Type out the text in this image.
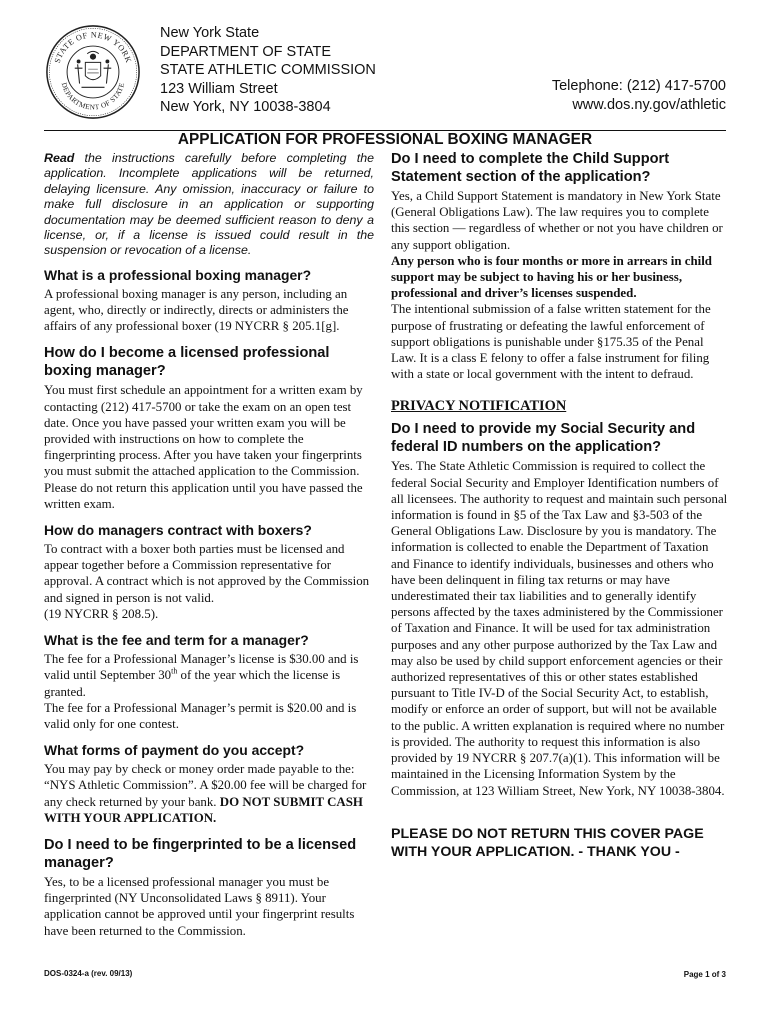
STATE OF NEW YORK
DEPARTMENT OF STATE
New York State
DEPARTMENT OF STATE
STATE ATHLETIC COMMISSION
123 William Street
New York, NY 10038-3804
Telephone: (212) 417-5700
www.dos.ny.gov/athletic
APPLICATION FOR PROFESSIONAL BOXING MANAGER

Read the instructions carefully before completing the application. Incomplete applications will be returned, delaying licensure. Any omission, inaccuracy or failure to make full disclosure in an application or supporting documentation may be deemed sufficient reason to deny a license, or, if a license is issued could result in the suspension or revocation of a license.

What is a professional boxing manager?

A professional boxing manager is any person, including an agent, who, directly or indirectly, directs or administers the affairs of any professional boxer (19 NYCRR § 205.1[g].

How do I become a licensed professional boxing manager?

You must first schedule an appointment for a written exam by contacting (212) 417-5700 or take the exam on an open test date. Once you have passed your written exam you will be provided with instructions on how to complete the fingerprinting process. After you have taken your fingerprints you must submit the attached application to the Commission. Please do not return this application until you have passed the written exam.

How do managers contract with boxers?

To contract with a boxer both parties must be licensed and appear together before a Commission representative for approval. A contract which is not approved by the Commission and signed in person is not valid.

(19 NYCRR § 208.5).

What is the fee and term for a manager?

The fee for a Professional Manager’s license is $30.00 and is valid until September 30th of the year which the license is granted.

The fee for a Professional Manager’s permit is $20.00 and is valid only for one contest.

What forms of payment do you accept?

You may pay by check or money order made payable to the: “NYS Athletic Commission”. A $20.00 fee will be charged for any check returned by your bank. DO NOT SUBMIT CASH WITH YOUR APPLICATION.

Do I need to be fingerprinted to be a licensed manager?

Yes, to be a licensed professional manager you must be fingerprinted (NY Unconsolidated Laws § 8911). Your application cannot be approved until your fingerprint results have been returned to the Commission.

Do I need to complete the Child Support Statement section of the application?

Yes, a Child Support Statement is mandatory in New York State (General Obligations Law). The law requires you to complete this section — regardless of whether or not you have children or any support obligation.

Any person who is four months or more in arrears in child support may be subject to having his or her business, professional and driver’s licenses suspended.

The intentional submission of a false written statement for the purpose of frustrating or defeating the lawful enforcement of support obligations is punishable under §175.35 of the Penal Law. It is a class E felony to offer a false instrument for filing with a state or local government with the intent to defraud.

PRIVACY NOTIFICATION

Do I need to provide my Social Security and federal ID numbers on the application?

Yes. The State Athletic Commission is required to collect the federal Social Security and Employer Identification numbers of all licensees. The authority to request and maintain such personal information is found in §5 of the Tax Law and §3-503 of the General Obligations Law. Disclosure by you is mandatory. The information is collected to enable the Department of Taxation and Finance to identify individuals, businesses and others who have been delinquent in filing tax returns or may have underestimated their tax liabilities and to generally identify persons affected by the taxes administered by the Commissioner of Taxation and Finance. It will be used for tax administration purposes and any other purpose authorized by the Tax Law and may also be used by child support enforcement agencies or their authorized representatives of this or other states established pursuant to Title IV-D of the Social Security Act, to establish, modify or enforce an order of support, but will not be available to the public. A written explanation is required where no number is provided. The authority to request this information is also provided by 19 NYCRR § 207.7(a)(1). This information will be maintained in the Licensing Information System by the Commission, at 123 William Street, New York, NY 10038-3804.

PLEASE DO NOT RETURN THIS COVER PAGE WITH YOUR APPLICATION. - THANK YOU -

DOS-0324-a (rev. 09/13)	Page 1 of 3
